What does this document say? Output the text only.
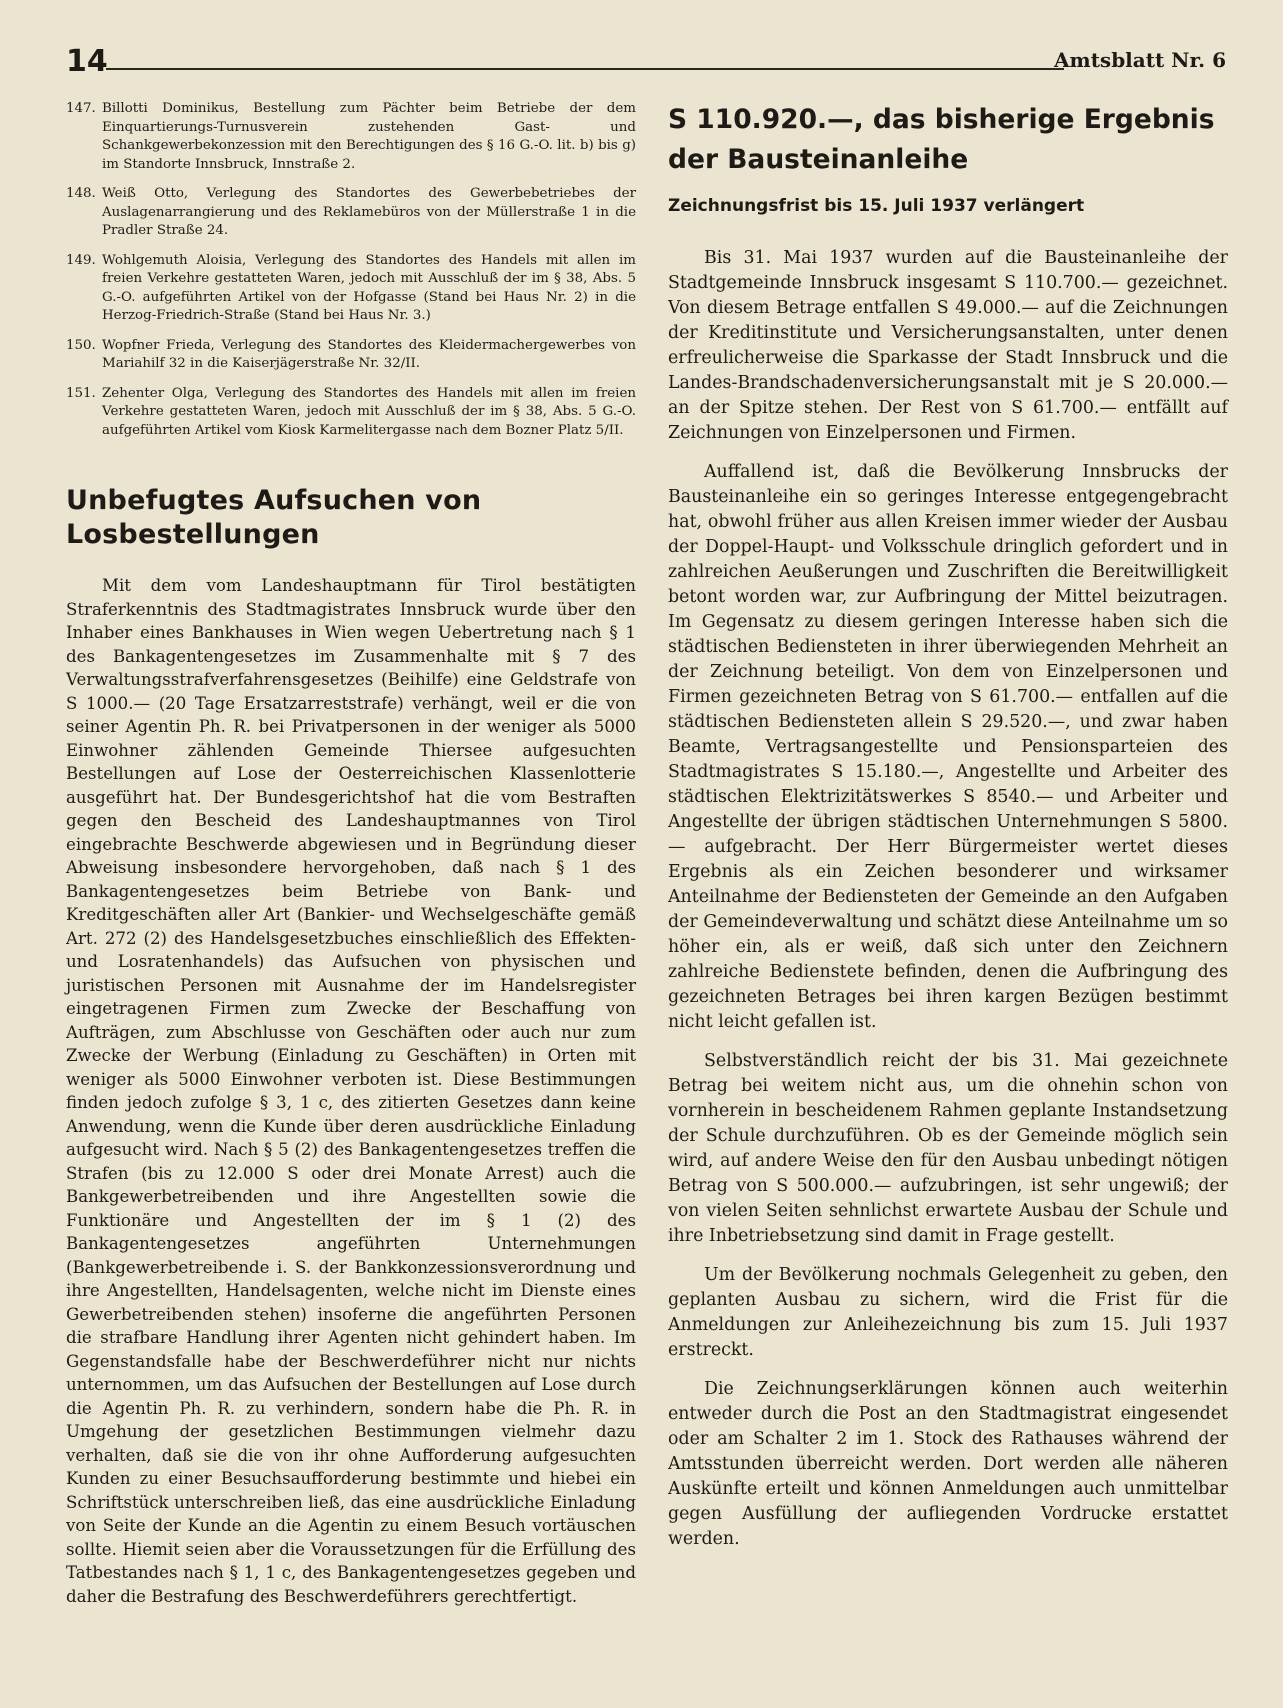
14	Amtsblatt Nr. 6
147. Billotti Dominikus, Bestellung zum Pächter beim Betriebe der dem Einquartierungs-Turnusverein zustehenden Gast- und Schankgewerbekonzession mit den Berechtigungen des § 16 G.-O. lit. b) bis g) im Standorte Innsbruck, Innstraße 2.
148. Weiß Otto, Verlegung des Standortes des Gewerbebetriebes der Auslagenarrangierung und des Reklamebüros von der Müllerstraße 1 in die Pradler Straße 24.
149. Wohlgemuth Aloisia, Verlegung des Standortes des Handels mit allen im freien Verkehre gestatteten Waren, jedoch mit Ausschluß der im § 38, Abs. 5 G.-O. aufgeführten Artikel von der Hofgasse (Stand bei Haus Nr. 2) in die Herzog-Friedrich-Straße (Stand bei Haus Nr. 3.)
150. Wopfner Frieda, Verlegung des Standortes des Kleidermachergewerbes von Mariahilf 32 in die Kaiserjägerstraße Nr. 32/II.
151. Zehenter Olga, Verlegung des Standortes des Handels mit allen im freien Verkehre gestatteten Waren, jedoch mit Ausschluß der im § 38, Abs. 5 G.-O. aufgeführten Artikel vom Kiosk Karmelitergasse nach dem Bozner Platz 5/II.
Unbefugtes Aufsuchen von Losbestellungen

Mit dem vom Landeshauptmann für Tirol bestätigten Straferkenntnis des Stadtmagistrates Innsbruck wurde über den Inhaber eines Bankhauses in Wien wegen Uebertretung nach § 1 des Bankagentengesetzes im Zusammenhalte mit § 7 des Verwaltungsstrafverfahrensgesetzes (Beihilfe) eine Geldstrafe von S 1000.— (20 Tage Ersatzarreststrafe) verhängt, weil er die von seiner Agentin Ph. R. bei Privatpersonen in der weniger als 5000 Einwohner zählenden Gemeinde Thiersee aufgesuchten Bestellungen auf Lose der Oesterreichischen Klassenlotterie ausgeführt hat. Der Bundesgerichtshof hat die vom Bestraften gegen den Bescheid des Landeshauptmannes von Tirol eingebrachte Beschwerde abgewiesen und in Begründung dieser Abweisung insbesondere hervorgehoben, daß nach § 1 des Bankagentengesetzes beim Betriebe von Bank- und Kreditgeschäften aller Art (Bankier- und Wechselgeschäfte gemäß Art. 272 (2) des Handelsgesetzbuches einschließlich des Effekten- und Losratenhandels) das Aufsuchen von physischen und juristischen Personen mit Ausnahme der im Handelsregister eingetragenen Firmen zum Zwecke der Beschaffung von Aufträgen, zum Abschlusse von Geschäften oder auch nur zum Zwecke der Werbung (Einladung zu Geschäften) in Orten mit weniger als 5000 Einwohner verboten ist. Diese Bestimmungen finden jedoch zufolge § 3, 1 c, des zitierten Gesetzes dann keine Anwendung, wenn die Kunde über deren ausdrückliche Einladung aufgesucht wird. Nach § 5 (2) des Bankagentengesetzes treffen die Strafen (bis zu 12.000 S oder drei Monate Arrest) auch die Bankgewerbetreibenden und ihre Angestellten sowie die Funktionäre und Angestellten der im § 1 (2) des Bankagentengesetzes angeführten Unternehmungen (Bankgewerbetreibende i. S. der Bankkonzessionsverordnung und ihre Angestellten, Handelsagenten, welche nicht im Dienste eines Gewerbetreibenden stehen) insoferne die angeführten Personen die strafbare Handlung ihrer Agenten nicht gehindert haben. Im Gegenstandsfalle habe der Beschwerdeführer nicht nur nichts unternommen, um das Aufsuchen der Bestellungen auf Lose durch die Agentin Ph. R. zu verhindern, sondern habe die Ph. R. in Umgehung der gesetzlichen Bestimmungen vielmehr dazu verhalten, daß sie die von ihr ohne Aufforderung aufgesuchten Kunden zu einer Besuchsaufforderung bestimmte und hiebei ein Schriftstück unterschreiben ließ, das eine ausdrückliche Einladung von Seite der Kunde an die Agentin zu einem Besuch vortäuschen sollte. Hiemit seien aber die Voraussetzungen für die Erfüllung des Tatbestandes nach § 1, 1 c, des Bankagentengesetzes gegeben und daher die Bestrafung des Beschwerdeführers gerechtfertigt.

S 110.920.—, das bisherige Ergebnis der Bausteinanleihe
Zeichnungsfrist bis 15. Juli 1937 verlängert

Bis 31. Mai 1937 wurden auf die Bausteinanleihe der Stadtgemeinde Innsbruck insgesamt S 110.700.— gezeichnet. Von diesem Betrage entfallen S 49.000.— auf die Zeichnungen der Kreditinstitute und Versicherungsanstalten, unter denen erfreulicherweise die Sparkasse der Stadt Innsbruck und die Landes-Brandschadenversicherungsanstalt mit je S 20.000.— an der Spitze stehen. Der Rest von S 61.700.— entfällt auf Zeichnungen von Einzelpersonen und Firmen.

Auffallend ist, daß die Bevölkerung Innsbrucks der Bausteinanleihe ein so geringes Interesse entgegengebracht hat, obwohl früher aus allen Kreisen immer wieder der Ausbau der Doppel-Haupt- und Volksschule dringlich gefordert und in zahlreichen Aeußerungen und Zuschriften die Bereitwilligkeit betont worden war, zur Aufbringung der Mittel beizutragen. Im Gegensatz zu diesem geringen Interesse haben sich die städtischen Bediensteten in ihrer überwiegenden Mehrheit an der Zeichnung beteiligt. Von dem von Einzelpersonen und Firmen gezeichneten Betrag von S 61.700.— entfallen auf die städtischen Bediensteten allein S 29.520.—, und zwar haben Beamte, Vertragsangestellte und Pensionsparteien des Stadtmagistrates S 15.180.—, Angestellte und Arbeiter des städtischen Elektrizitätswerkes S 8540.— und Arbeiter und Angestellte der übrigen städtischen Unternehmungen S 5800.— aufgebracht. Der Herr Bürgermeister wertet dieses Ergebnis als ein Zeichen besonderer und wirksamer Anteilnahme der Bediensteten der Gemeinde an den Aufgaben der Gemeindeverwaltung und schätzt diese Anteilnahme um so höher ein, als er weiß, daß sich unter den Zeichnern zahlreiche Bedienstete befinden, denen die Aufbringung des gezeichneten Betrages bei ihren kargen Bezügen bestimmt nicht leicht gefallen ist.

Selbstverständlich reicht der bis 31. Mai gezeichnete Betrag bei weitem nicht aus, um die ohnehin schon von vornherein in bescheidenem Rahmen geplante Instandsetzung der Schule durchzuführen. Ob es der Gemeinde möglich sein wird, auf andere Weise den für den Ausbau unbedingt nötigen Betrag von S 500.000.— aufzubringen, ist sehr ungewiß; der von vielen Seiten sehnlichst erwartete Ausbau der Schule und ihre Inbetriebsetzung sind damit in Frage gestellt.

Um der Bevölkerung nochmals Gelegenheit zu geben, den geplanten Ausbau zu sichern, wird die Frist für die Anmeldungen zur Anleihezeichnung bis zum 15. Juli 1937 erstreckt.

Die Zeichnungserklärungen können auch weiterhin entweder durch die Post an den Stadtmagistrat eingesendet oder am Schalter 2 im 1. Stock des Rathauses während der Amtsstunden überreicht werden. Dort werden alle näheren Auskünfte erteilt und können Anmeldungen auch unmittelbar gegen Ausfüllung der aufliegenden Vordrucke erstattet werden.
